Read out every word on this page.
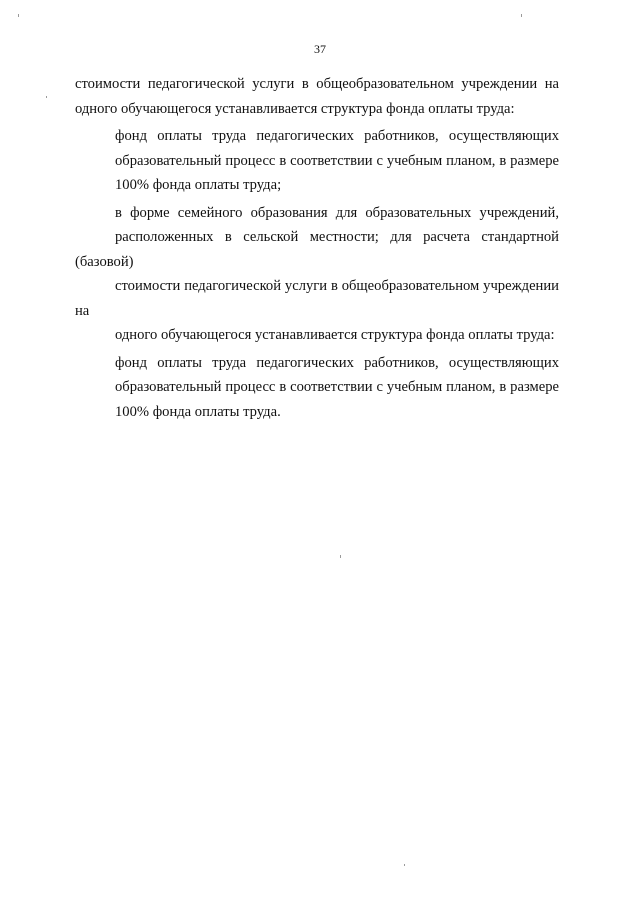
37

стоимости педагогической услуги в общеобразовательном учреждении на
одного обучающегося устанавливается структура фонда оплаты труда:

фонд оплаты труда педагогических работников, осуществляющих
образовательный процесс в соответствии с учебным планом, в размере
100% фонда оплаты труда;

в форме семейного образования для образовательных учреждений,
расположенных в сельской местности; для расчета стандартной (базовой)
стоимости педагогической услуги в общеобразовательном учреждении на
одного обучающегося устанавливается структура фонда оплаты труда:

фонд оплаты труда педагогических работников, осуществляющих
образовательный процесс в соответствии с учебным планом, в размере
100% фонда оплаты труда.
